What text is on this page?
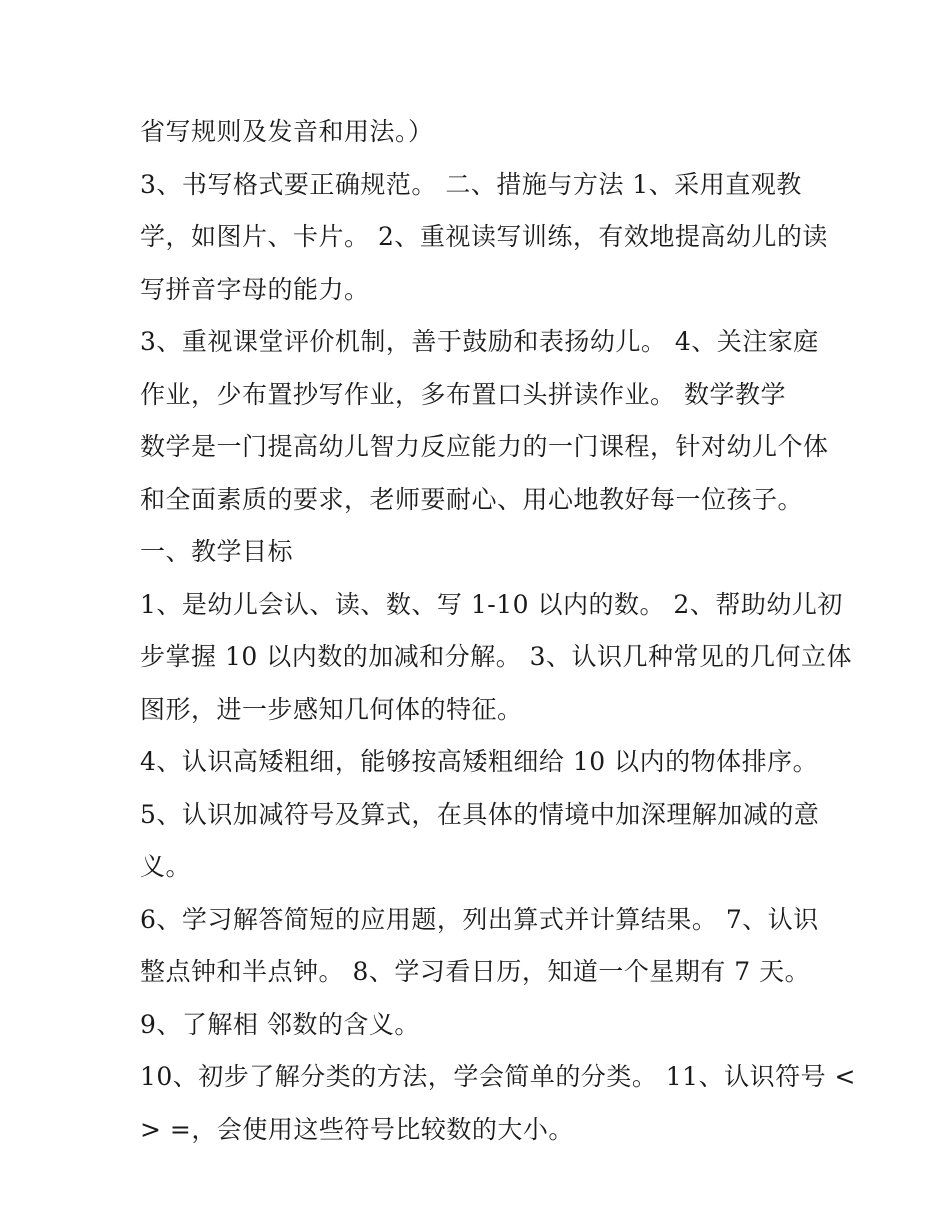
省写规则及发音和用法。）
3、书写格式要正确规范。 二、措施与方法 1、采用直观教
学，如图片、卡片。 2、重视读写训练，有效地提高幼儿的读
写拼音字母的能力。
3、重视课堂评价机制，善于鼓励和表扬幼儿。 4、关注家庭
作业，少布置抄写作业，多布置口头拼读作业。 数学教学
数学是一门提高幼儿智力反应能力的一门课程，针对幼儿个体
和全面素质的要求，老师要耐心、用心地教好每一位孩子。
一、教学目标
1、是幼儿会认、读、数、写 1-10 以内的数。 2、帮助幼儿初
步掌握 10 以内数的加减和分解。 3、认识几种常见的几何立体
图形，进一步感知几何体的特征。
4、认识高矮粗细，能够按高矮粗细给 10 以内的物体排序。
5、认识加减符号及算式，在具体的情境中加深理解加减的意
义。
6、学习解答简短的应用题，列出算式并计算结果。 7、认识
整点钟和半点钟。 8、学习看日历，知道一个星期有 7 天。
9、了解相 邻数的含义。
10、初步了解分类的方法，学会简单的分类。 11、认识符号 <
> =，会使用这些符号比较数的大小。
